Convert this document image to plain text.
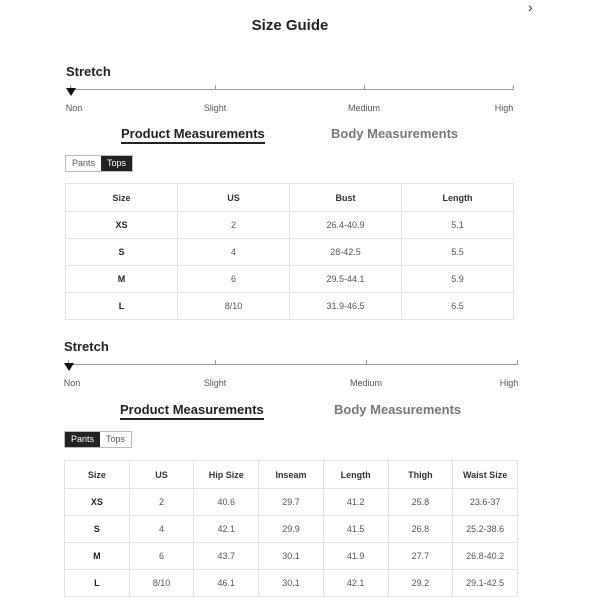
Size Guide
›
Stretch
Non	Slight	Medium	High
Product Measurements	Body Measurements
Pants	Tops
Size	US	Bust	Length
XS	2	26.4-40.9	5.1
S	4	28-42.5	5.5
M	6	29.5-44.1	5.9
L	8/10	31.9-46.5	6.5
Stretch
Non	Slight	Medium	High
Product Measurements	Body Measurements
Pants	Tops
Size	US	Hip Size	Inseam	Length	Thigh	Waist Size
XS	2	40.6	29.7	41.2	25.8	23.6-37
S	4	42.1	29.9	41.5	26.8	25.2-38.6
M	6	43.7	30.1	41.9	27.7	26.8-40.2
L	8/10	46.1	30.1	42.1	29.2	29.1-42.5
